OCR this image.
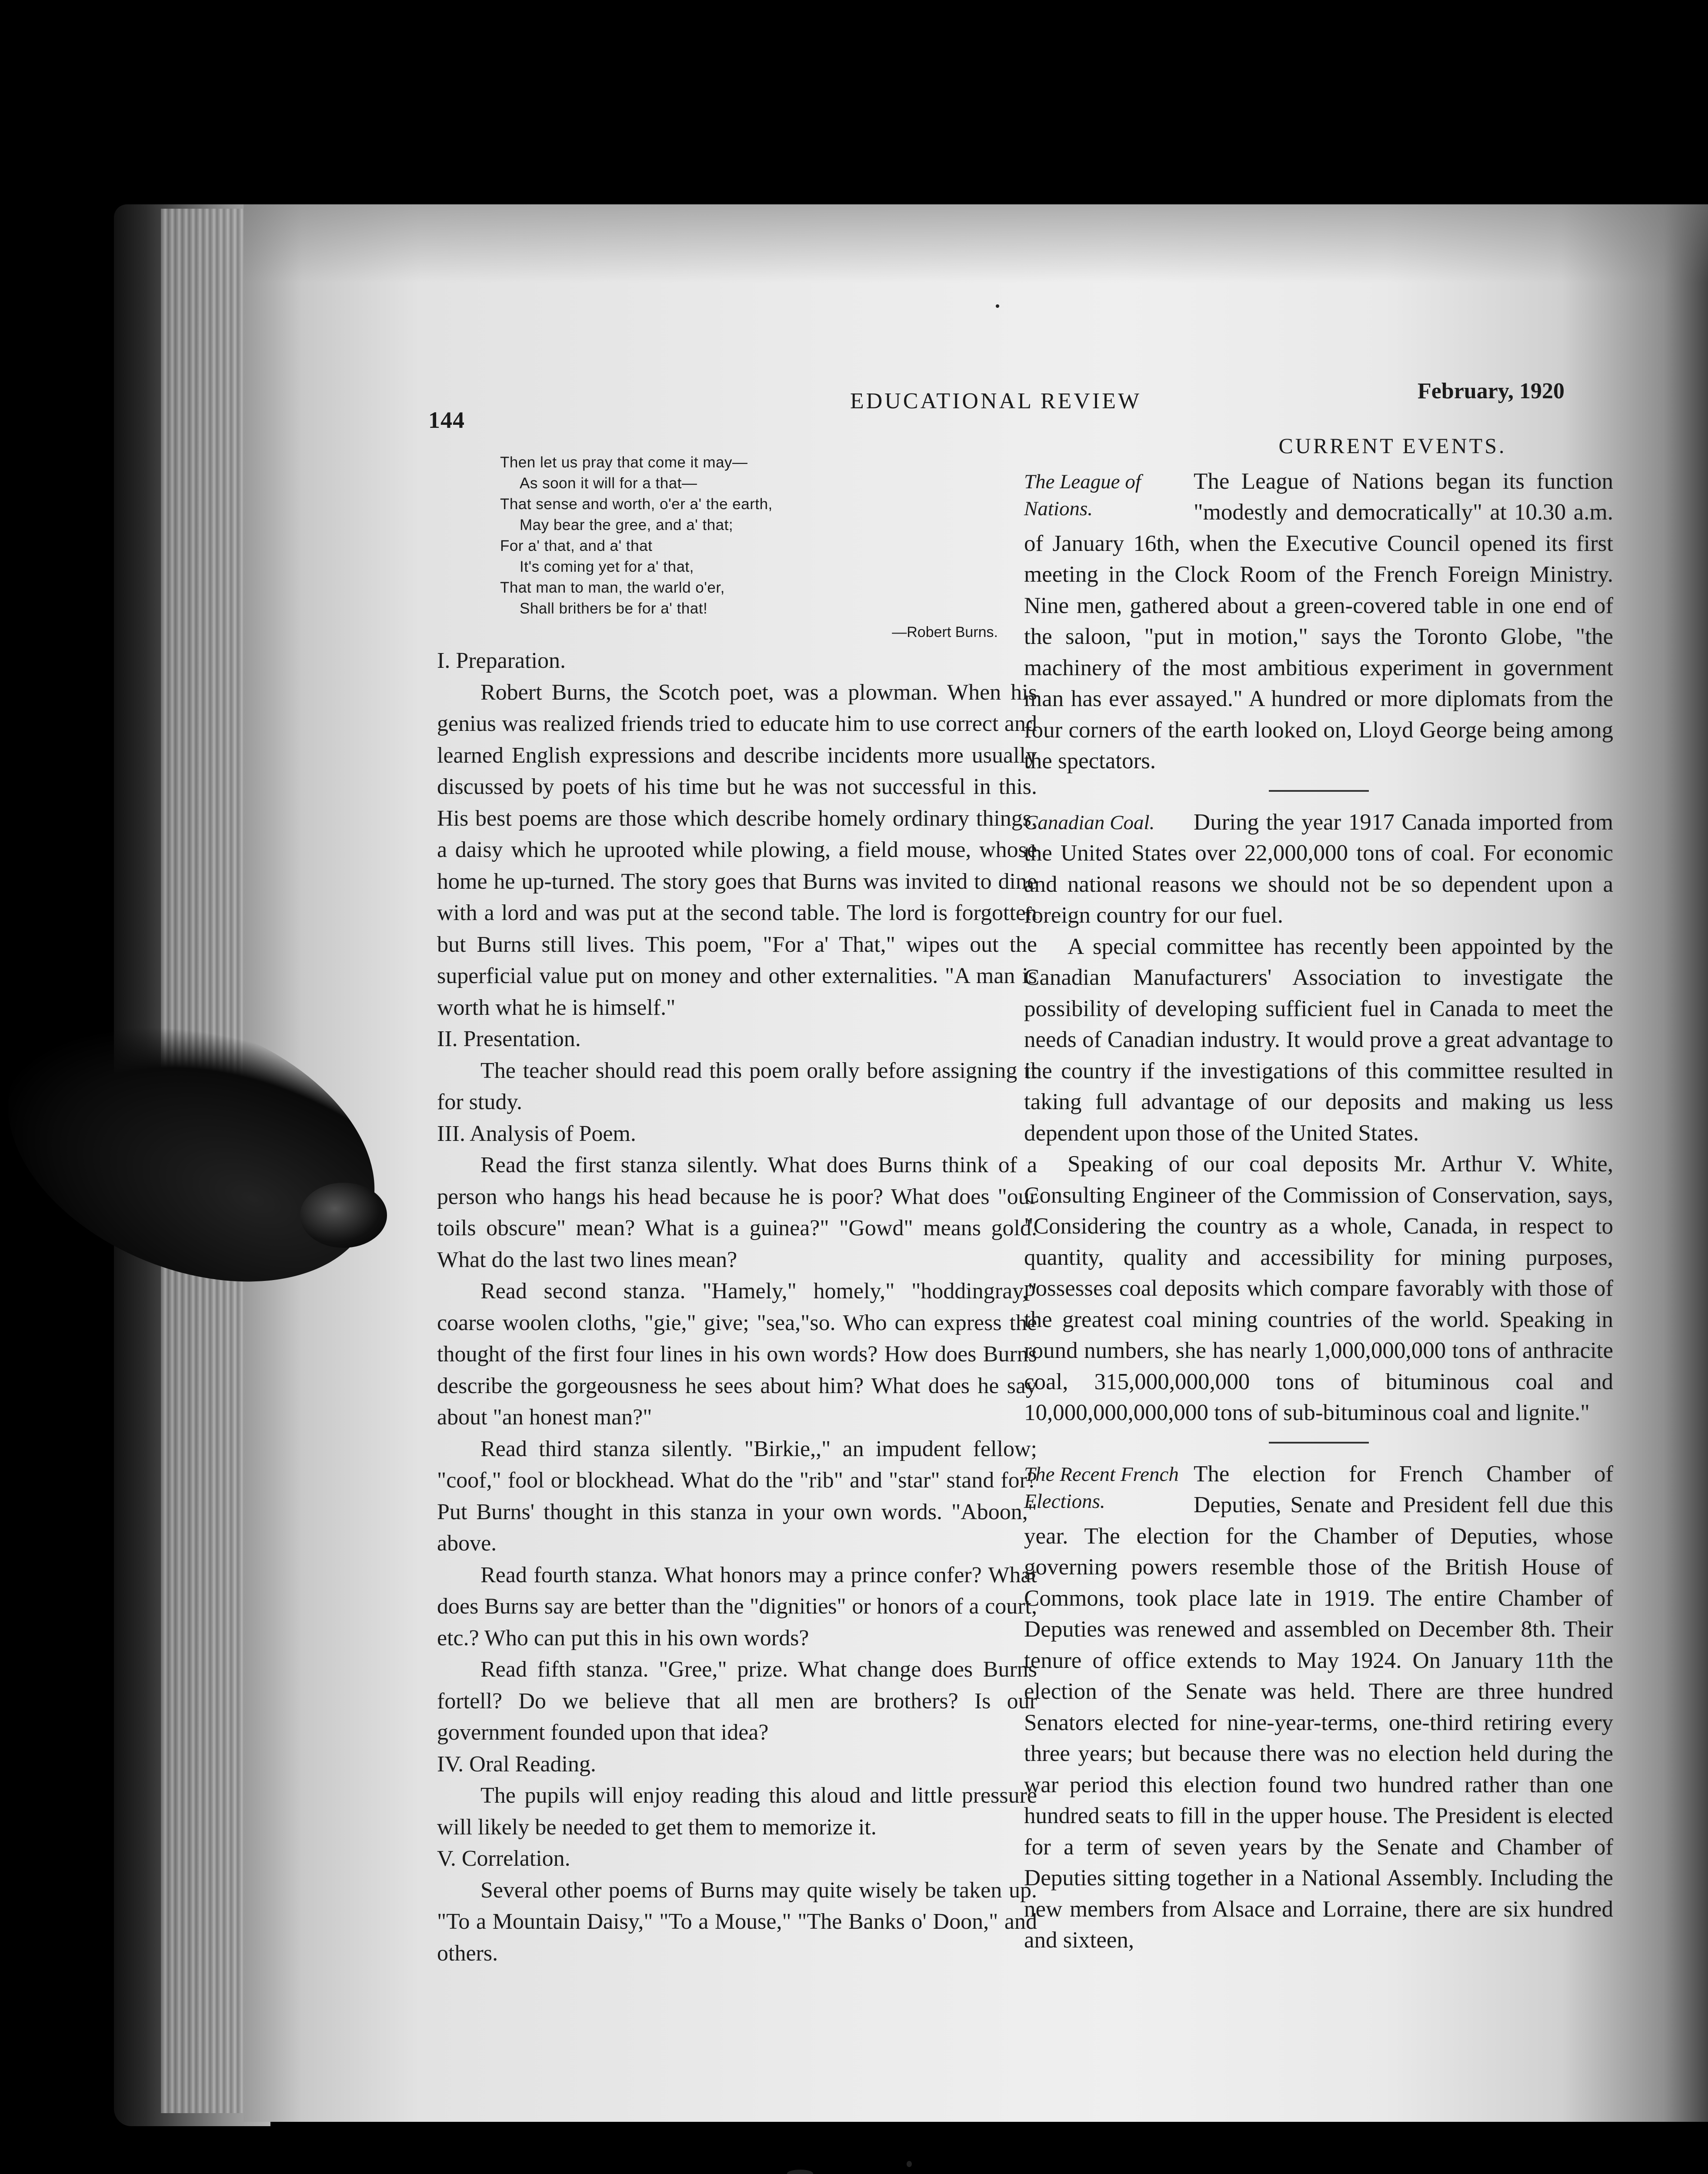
144
EDUCATIONAL REVIEW	February, 1920
Then let us pray that come it may—
As soon it will for a that—
That sense and worth, o'er a' the earth,
May bear the gree, and a' that;
For a' that, and a' that
It's coming yet for a' that,
That man to man, the warld o'er,
Shall brithers be for a' that!
—Robert Burns.

I. Preparation.

Robert Burns, the Scotch poet, was a plowman. When his genius was realized friends tried to educate him to use correct and learned English expressions and describe incidents more usually discussed by poets of his time but he was not successful in this. His best poems are those which describe homely ordinary things, a daisy which he uprooted while plowing, a field mouse, whose home he up-turned. The story goes that Burns was invited to dine with a lord and was put at the second table. The lord is forgotten but Burns still lives. This poem, "For a' That," wipes out the superficial value put on money and other externalities. "A man is worth what he is himself."

II. Presentation.

The teacher should read this poem orally before assigning it for study.

III. Analysis of Poem.

Read the first stanza silently. What does Burns think of a person who hangs his head because he is poor? What does "our toils obscure" mean? What is a guinea?" "Gowd" means gold. What do the last two lines mean?

Read second stanza. "Hamely," homely," "hoddingray," coarse woolen cloths, "gie," give; "sea,"so. Who can express the thought of the first four lines in his own words? How does Burns describe the gorgeousness he sees about him? What does he say about "an honest man?"

Read third stanza silently. "Birkie,," an impudent fellow; "coof," fool or blockhead. What do the "rib" and "star" stand for? Put Burns' thought in this stanza in your own words. "Aboon," above.

Read fourth stanza. What honors may a prince confer? What does Burns say are better than the "dignities" or honors of a court, etc.? Who can put this in his own words?

Read fifth stanza. "Gree," prize. What change does Burns fortell? Do we believe that all men are brothers? Is our government founded upon that idea?

IV. Oral Reading.

The pupils will enjoy reading this aloud and little pressure will likely be needed to get them to memorize it.

V. Correlation.

Several other poems of Burns may quite wisely be taken up. "To a Mountain Daisy," "To a Mouse," "The Banks o' Doon," and others.

CURRENT EVENTS.
The League of Nations.

The League of Nations began its function "modestly and democratically" at 10.30 a.m. of January 16th, when the Executive Council opened its first meeting in the Clock Room of the French Foreign Ministry. Nine men, gathered about a green-covered table in one end of the saloon, "put in motion," says the Toronto Globe, "the machinery of the most ambitious experiment in government man has ever assayed." A hundred or more diplomats from the four corners of the earth looked on, Lloyd George being among the spectators.

Canadian Coal.	During the year 1917 Canada imported from the United States over 22,000,000 tons of coal. For economic and national reasons we should not be so dependent upon a foreign country for our fuel.

A special committee has recently been appointed by the Canadian Manufacturers' Association to investigate the possibility of developing sufficient fuel in Canada to meet the needs of Canadian industry. It would prove a great advantage to the country if the investigations of this committee resulted in taking full advantage of our deposits and making us less dependent upon those of the United States.

Speaking of our coal deposits Mr. Arthur V. White, Consulting Engineer of the Commission of Conservation, says, "Considering the country as a whole, Canada, in respect to quantity, quality and accessibility for mining purposes, possesses coal deposits which compare favorably with those of the greatest coal mining countries of the world. Speaking in round numbers, she has nearly 1,000,000,000 tons of anthracite coal, 315,000,000,000 tons of bituminous coal and 10,000,000,000,000 tons of sub-bituminous coal and lignite."

The Recent French Elections.

The election for French Chamber of Deputies, Senate and President fell due this year. The election for the Chamber of Deputies, whose governing powers resemble those of the British House of Commons, took place late in 1919. The entire Chamber of Deputies was renewed and assembled on December 8th. Their tenure of office extends to May 1924. On January 11th the election of the Senate was held. There are three hundred Senators elected for nine-year-terms, one-third retiring every three years; but because there was no election held during the war period this election found two hundred rather than one hundred seats to fill in the upper house. The President is elected for a term of seven years by the Senate and Chamber of Deputies sitting together in a National Assembly. Including the new members from Alsace and Lorraine, there are six hundred and sixteen,
